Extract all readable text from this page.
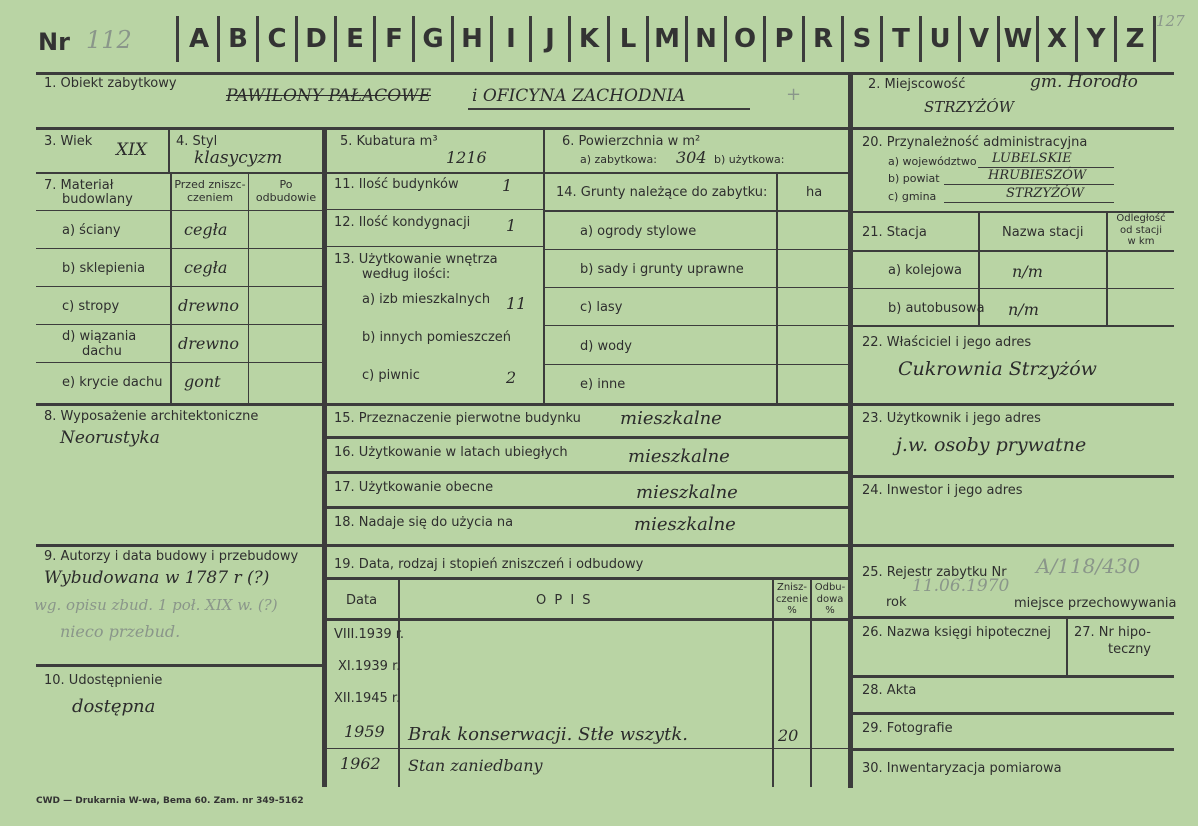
Nr 112
127
A B C D E F G H I	J K L M N O P R S T U V W X Y Z
1. Obiekt zabytkowy
PAWILONY PAŁACOWE i OFICYNA ZACHODNIA	+	2. Miejscowość	gm. Horodło
STRZYŻÓW
3. Wiek XIX 4. Styl
klasycyzm
5. Kubatura m³
1216
6. Powierzchnia w m²
a) zabytkowa: 304 b) użytkowa:
7. Materiał
budowlany
Przed zniszc-
czeniem
Po
odbudowie
a) ściany	cegła
b) sklepienia cegła
c) stropy	drewno
d) wiązania
dachu	drewno
e) krycie dachu gont
11. Ilość budynków	1
12. Ilość kondygnacji 1
13. Użytkowanie wnętrza
według ilości:
a) izb mieszkalnych 11
b) innych pomieszczeń
c) piwnic	2
14. Grunty należące do zabytku:	ha
a) ogrody stylowe
b) sady i grunty uprawne
c) lasy
d) wody
e) inne
20. Przynależność administracyjna
a) województwo LUBELSKIE
b) powiat	HRUBIESZÓW
c) gmina	STRZYŻÓW
21. Stacja	Nazwa stacji
Odległość
od stacji
w km
a) kolejowa	n/m
b) autobusowa n/m
22. Właściciel i jego adres
Cukrownia Strzyżów
8. Wyposażenie architektoniczne
Neorustyka
15. Przeznaczenie pierwotne budynku mieszkalne
16. Użytkowanie w latach ubiegłych	mieszkalne
17. Użytkowanie obecne	mieszkalne
18. Nadaje się do użycia na	mieszkalne
23. Użytkownik i jego adres
j.w. osoby prywatne
24. Inwestor i jego adres
9. Autorzy i data budowy i przebudowy
Wybudowana w 1787 r (?)
wg. opisu zbud. 1 poł. XIX w. (?)
nieco przebud.
10. Udostępnienie
dostępna
19. Data, rodzaj i stopień zniszczeń i odbudowy
Data	O P I S
Znisz-
czenie
%
Odbu-
dowa
%
VIII.1939 r.
XI.1939 r.
XII.1945 r.
1959 Brak konserwacji. Stłe wszytk.	20
1962 Stan zaniedbany
25. Rejestr zabytku Nr A/118/430
rok
11.06.1970
miejsce przechowywania
26. Nazwa księgi hipotecznej 27. Nr hipo-
teczny
28. Akta
29. Fotografie
30. Inwentaryzacja pomiarowa
CWD — Drukarnia W-wa, Bema 60. Zam. nr 349-5162
